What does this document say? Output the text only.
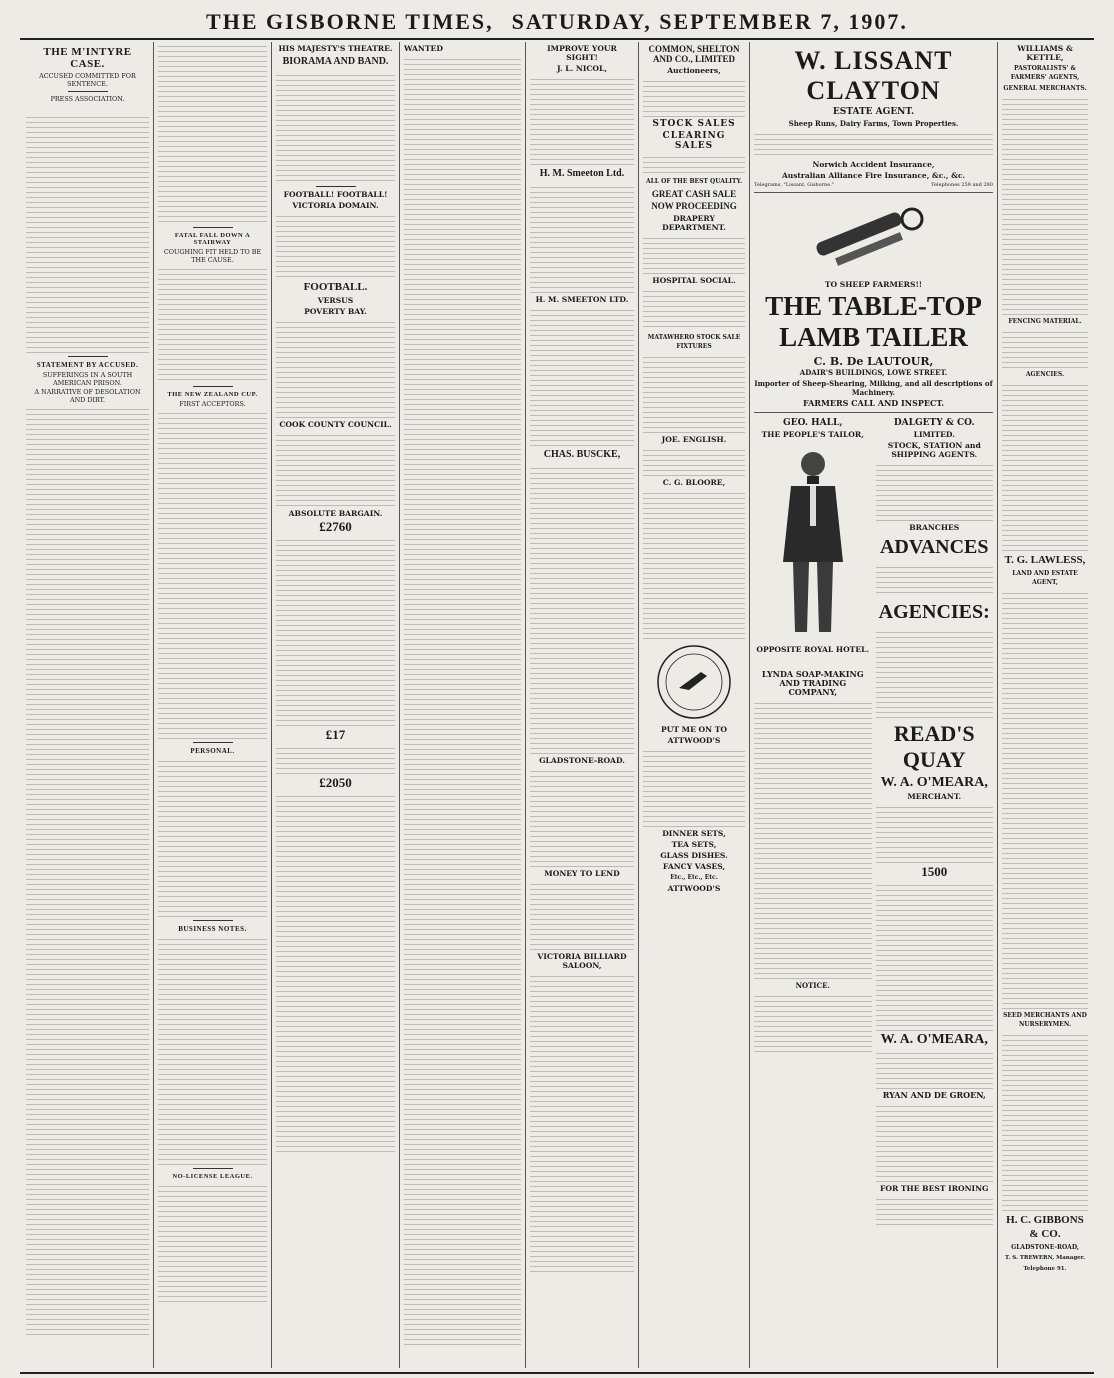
THE GISBORNE TIMES, SATURDAY, SEPTEMBER 7, 1907.
THE M'INTYRE CASE.
ACCUSED COMMITTED FOR SENTENCE.
PRESS ASSOCIATION.

STATEMENT BY ACCUSED.
SUFFERINGS IN A SOUTH AMERICAN PRISON.
A NARRATIVE OF DESOLATION AND DIRT.
FATAL FALL DOWN A STAIRWAY
COUGHING FIT HELD TO BE THE CAUSE.
THE NEW ZEALAND CUP.
FIRST ACCEPTORS.
PERSONAL.
BUSINESS NOTES.
NO-LICENSE LEAGUE.
HIS MAJESTY'S THEATRE.
BIORAMA AND BAND.
FOOTBALL! FOOTBALL!
VICTORIA DOMAIN.
FOOTBALL.
VERSUS
POVERTY BAY.
COOK COUNTY COUNCIL.
ABSOLUTE BARGAIN.
£2760
£17
£2050
WANTED	IMPROVE YOUR SIGHT!
J. L. NICOL,
H. M. Smeeton Ltd.
H. M. SMEETON LTD.
CHAS. BUSCKE,
GLADSTONE-ROAD.
MONEY TO LEND
VICTORIA BILLIARD SALOON,
COMMON, SHELTON AND CO., LIMITED
Auctioneers,
STOCK SALES
CLEARING SALES
ALL OF THE BEST QUALITY.
GREAT CASH SALE NOW PROCEEDING
DRAPERY DEPARTMENT.
HOSPITAL SOCIAL.
MATAWHERO STOCK SALE FIXTURES
JOE. ENGLISH.
C. G. BLOORE,
PUT ME ON TO
ATTWOOD'S
DINNER SETS,
TEA SETS,
GLASS DISHES.
FANCY VASES,
Etc., Etc., Etc.
ATTWOOD'S
W. LISSANT CLAYTON
ESTATE AGENT.
Sheep Runs, Dairy Farms, Town Properties.
Norwich Accident Insurance,
Australian Alliance Fire Insurance, &c., &c.
Telegrams, "Lissant, Gisborne."	Telephones 259 and 280
TO SHEEP FARMERS!!
THE TABLE-TOP LAMB TAILER
C. B. De LAUTOUR,
ADAIR'S BUILDINGS, LOWE STREET.
Importer of Sheep-Shearing, Milking, and all descriptions of Machinery.
FARMERS CALL AND INSPECT.
GEO. HALL,
THE PEOPLE'S TAILOR,
OPPOSITE ROYAL HOTEL.
LYNDA SOAP-MAKING AND TRADING COMPANY,
NOTICE.
DALGETY & CO.
LIMITED.
STOCK, STATION and SHIPPING AGENTS.
BRANCHES
ADVANCES
AGENCIES:
READ'S QUAY
W. A. O'MEARA,
MERCHANT.
1500
W. A. O'MEARA,
RYAN AND DE GROEN,
FOR THE BEST IRONING
WILLIAMS & KETTLE,
PASTORALISTS' & FARMERS' AGENTS,
GENERAL MERCHANTS.
FENCING MATERIAL.
AGENCIES.
T. G. LAWLESS,
LAND AND ESTATE AGENT,
SEED MERCHANTS AND NURSERYMEN.
H. C. GIBBONS & CO.
GLADSTONE-ROAD,
T. S. TREWERN, Manager.
Telephone 91.
